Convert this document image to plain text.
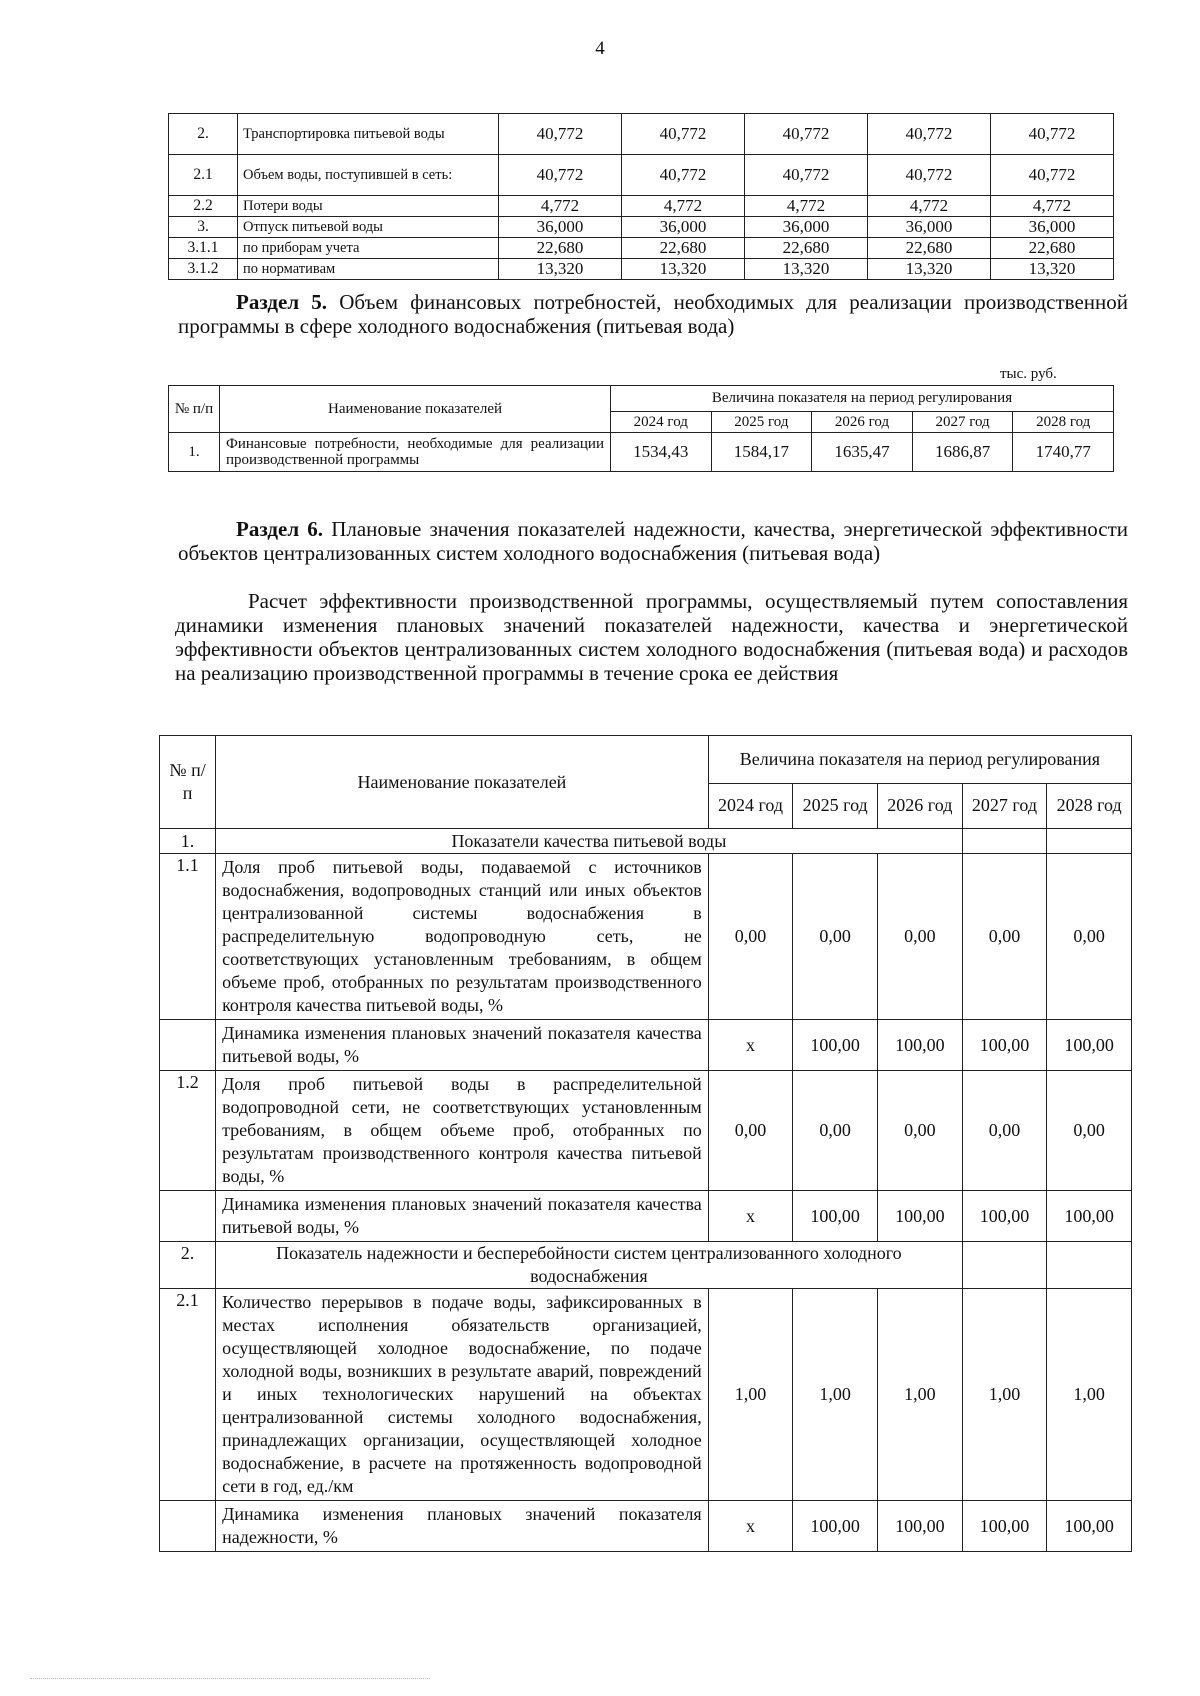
4
2.	Транспортировка питьевой воды	40,772	40,772	40,772	40,772	40,772
2.1	Объем воды, поступившей в сеть:	40,772	40,772	40,772	40,772	40,772
2.2	Потери воды	4,772	4,772	4,772	4,772	4,772
3.	Отпуск питьевой воды	36,000	36,000	36,000	36,000	36,000
3.1.1	по приборам учета	22,680	22,680	22,680	22,680	22,680
3.1.2	по нормативам	13,320	13,320	13,320	13,320	13,320
Раздел 5. Объем финансовых потребностей, необходимых для реализации производственной программы в сфере холодного водоснабжения (питьевая вода)
тыс. руб.
№ п/п	Наименование показателей	Величина показателя на период регулирования				
		2024 год	2025 год	2026 год	2027 год	2028 год
1.	Финансовые потребности, необходимые для реализации производственной программы	1534,43	1584,17	1635,47	1686,87	1740,77
Раздел 6. Плановые значения показателей надежности, качества, энергетической эффективности объектов централизованных систем холодного водоснабжения (питьевая вода)
Расчет эффективности производственной программы, осуществляемый путем сопоставления динамики изменения плановых значений показателей надежности, качества и энергетической эффективности объектов централизованных систем холодного водоснабжения (питьевая вода) и расходов на реализацию производственной программы в течение срока ее действия
№ п/п	Наименование показателей	Величина показателя на период регулирования				
		2024 год	2025 год	2026 год	2027 год	2028 год
1.	Показатели качества питьевой воды					
1.1	Доля проб питьевой воды, подаваемой с источников водоснабжения, водопроводных станций или иных объектов централизованной системы водоснабжения в распределительную водопроводную сеть, не соответствующих установленным требованиям, в общем объеме проб, отобранных по результатам производственного контроля качества питьевой воды, %	0,00	0,00	0,00	0,00	0,00
	Динамика изменения плановых значений показателя качества питьевой воды, %	х	100,00	100,00	100,00	100,00
1.2	Доля проб питьевой воды в распределительной водопроводной сети, не соответствующих установленным требованиям, в общем объеме проб, отобранных по результатам производственного контроля качества питьевой воды, %	0,00	0,00	0,00	0,00	0,00
	Динамика изменения плановых значений показателя качества питьевой воды, %	х	100,00	100,00	100,00	100,00
2.	Показатель надежности и бесперебойности систем централизованного холодного водоснабжения					
2.1	Количество перерывов в подаче воды, зафиксированных в местах исполнения обязательств организацией, осуществляющей холодное водоснабжение, по подаче холодной воды, возникших в результате аварий, повреждений и иных технологических нарушений на объектах централизованной системы холодного водоснабжения, принадлежащих организации, осуществляющей холодное водоснабжение, в расчете на протяженность водопроводной сети в год, ед./км	1,00	1,00	1,00	1,00	1,00
	Динамика изменения плановых значений показателя надежности, %	х	100,00	100,00	100,00	100,00
